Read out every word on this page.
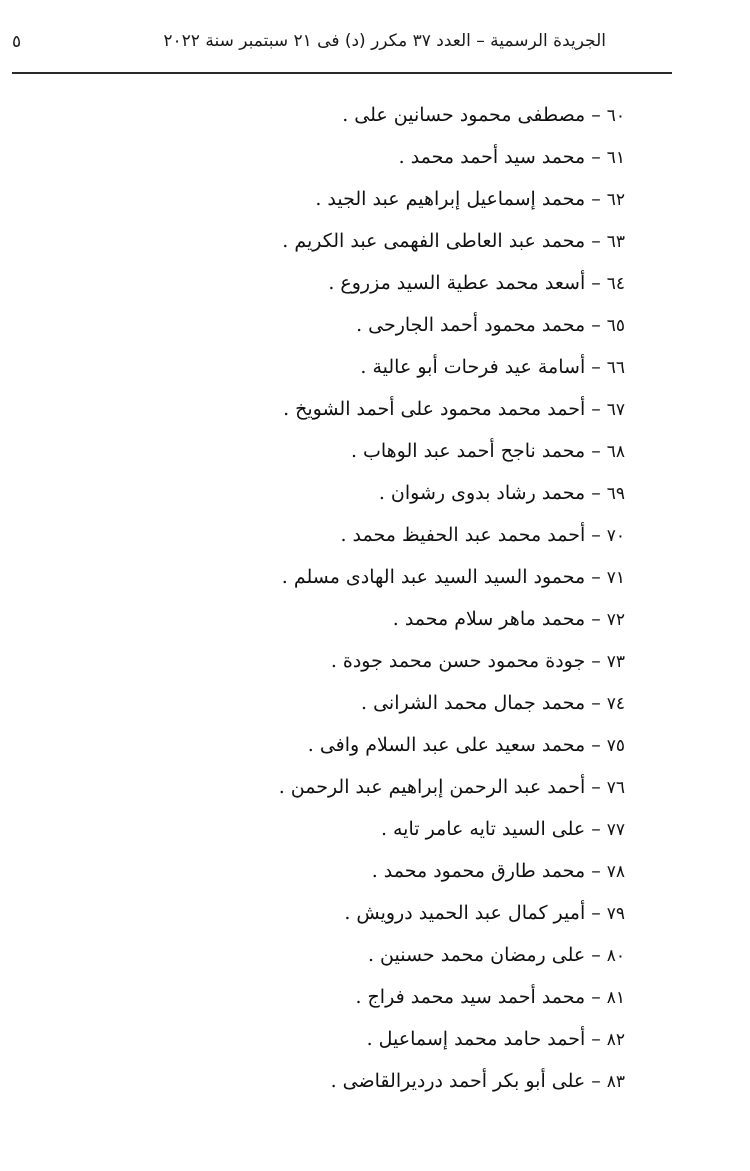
٥	الجريدة الرسمية – العدد ٣٧ مكرر (د) فى ٢١ سبتمبر سنة ٢٠٢٢
٦٠–مصطفى محمود حسانين على.
٦١–محمد سيد أحمد محمد.
٦٢–محمد إسماعيل إبراهيم عبد الجيد.
٦٣–محمد عبد العاطى الفهمى عبد الكريم.
٦٤–أسعد محمد عطية السيد مزروع.
٦٥–محمد محمود أحمد الجارحى.
٦٦–أسامة عيد فرحات أبو عالية.
٦٧–أحمد محمد محمود على أحمد الشويخ.
٦٨–محمد ناجح أحمد عبد الوهاب.
٦٩–محمد رشاد بدوى رشوان.
٧٠–أحمد محمد عبد الحفيظ محمد.
٧١–محمود السيد السيد عبد الهادى مسلم.
٧٢–محمد ماهر سلام محمد.
٧٣–جودة محمود حسن محمد جودة.
٧٤–محمد جمال محمد الشرانى.
٧٥–محمد سعيد على عبد السلام وافى.
٧٦–أحمد عبد الرحمن إبراهيم عبد الرحمن.
٧٧–على السيد تايه عامر تايه.
٧٨–محمد طارق محمود محمد.
٧٩–أمير كمال عبد الحميد درويش.
٨٠–على رمضان محمد حسنين.
٨١–محمد أحمد سيد محمد فراج.
٨٢–أحمد حامد محمد إسماعيل.
٨٣–على أبو بكر أحمد درديرالقاضى.
